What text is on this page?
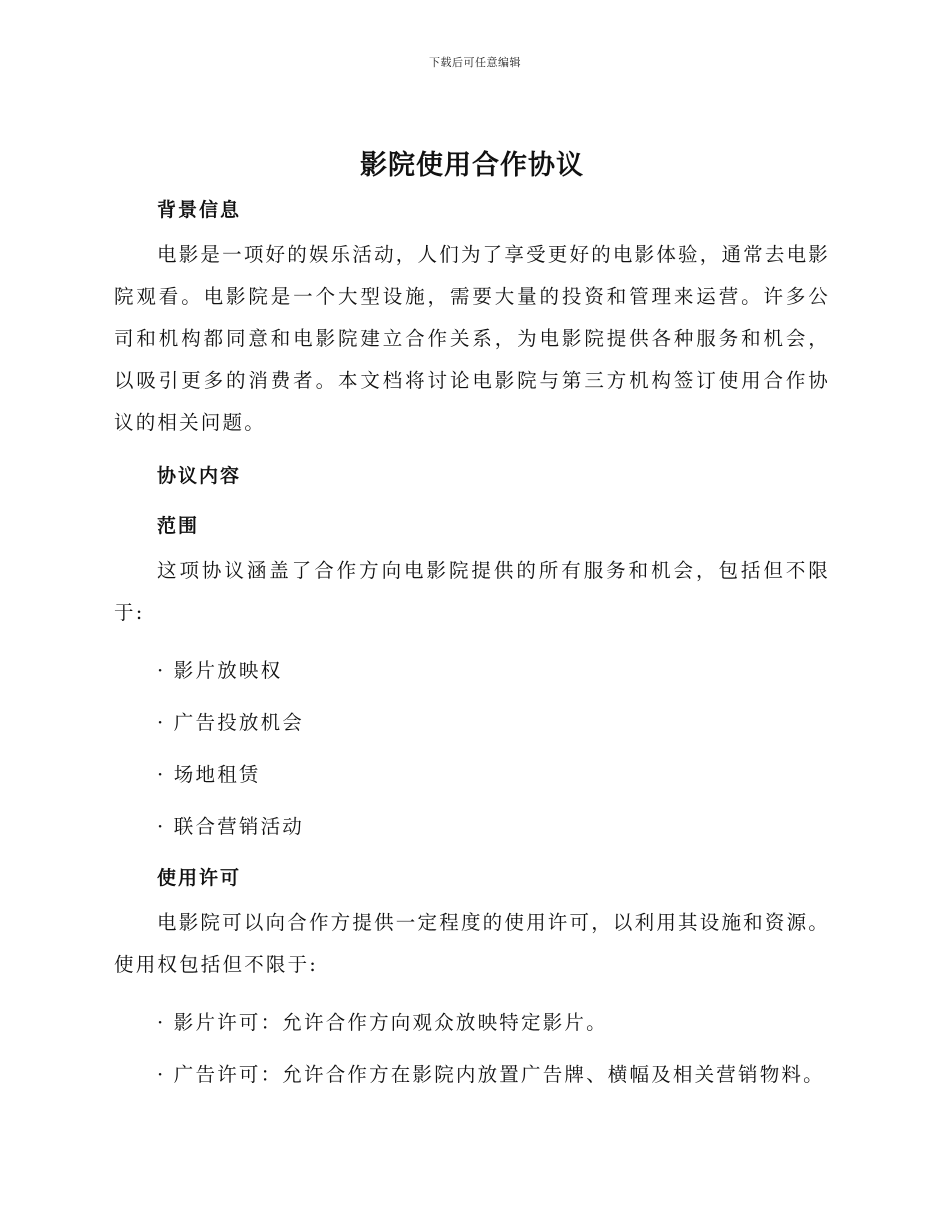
下载后可任意编辑
影院使用合作协议
背景信息

电影是一项好的娱乐活动，人们为了享受更好的电影体验，通常去电影院观看。电影院是一个大型设施，需要大量的投资和管理来运营。许多公司和机构都同意和电影院建立合作关系，为电影院提供各种服务和机会，以吸引更多的消费者。本文档将讨论电影院与第三方机构签订使用合作协议的相关问题。

协议内容
范围

这项协议涵盖了合作方向电影院提供的所有服务和机会，包括但不限于:

· 影片放映权

· 广告投放机会

· 场地租赁

· 联合营销活动

使用许可

电影院可以向合作方提供一定程度的使用许可，以利用其设施和资源。使用权包括但不限于:

· 影片许可：允许合作方向观众放映特定影片。

· 广告许可：允许合作方在影院内放置广告牌、横幅及相关营销物料。
